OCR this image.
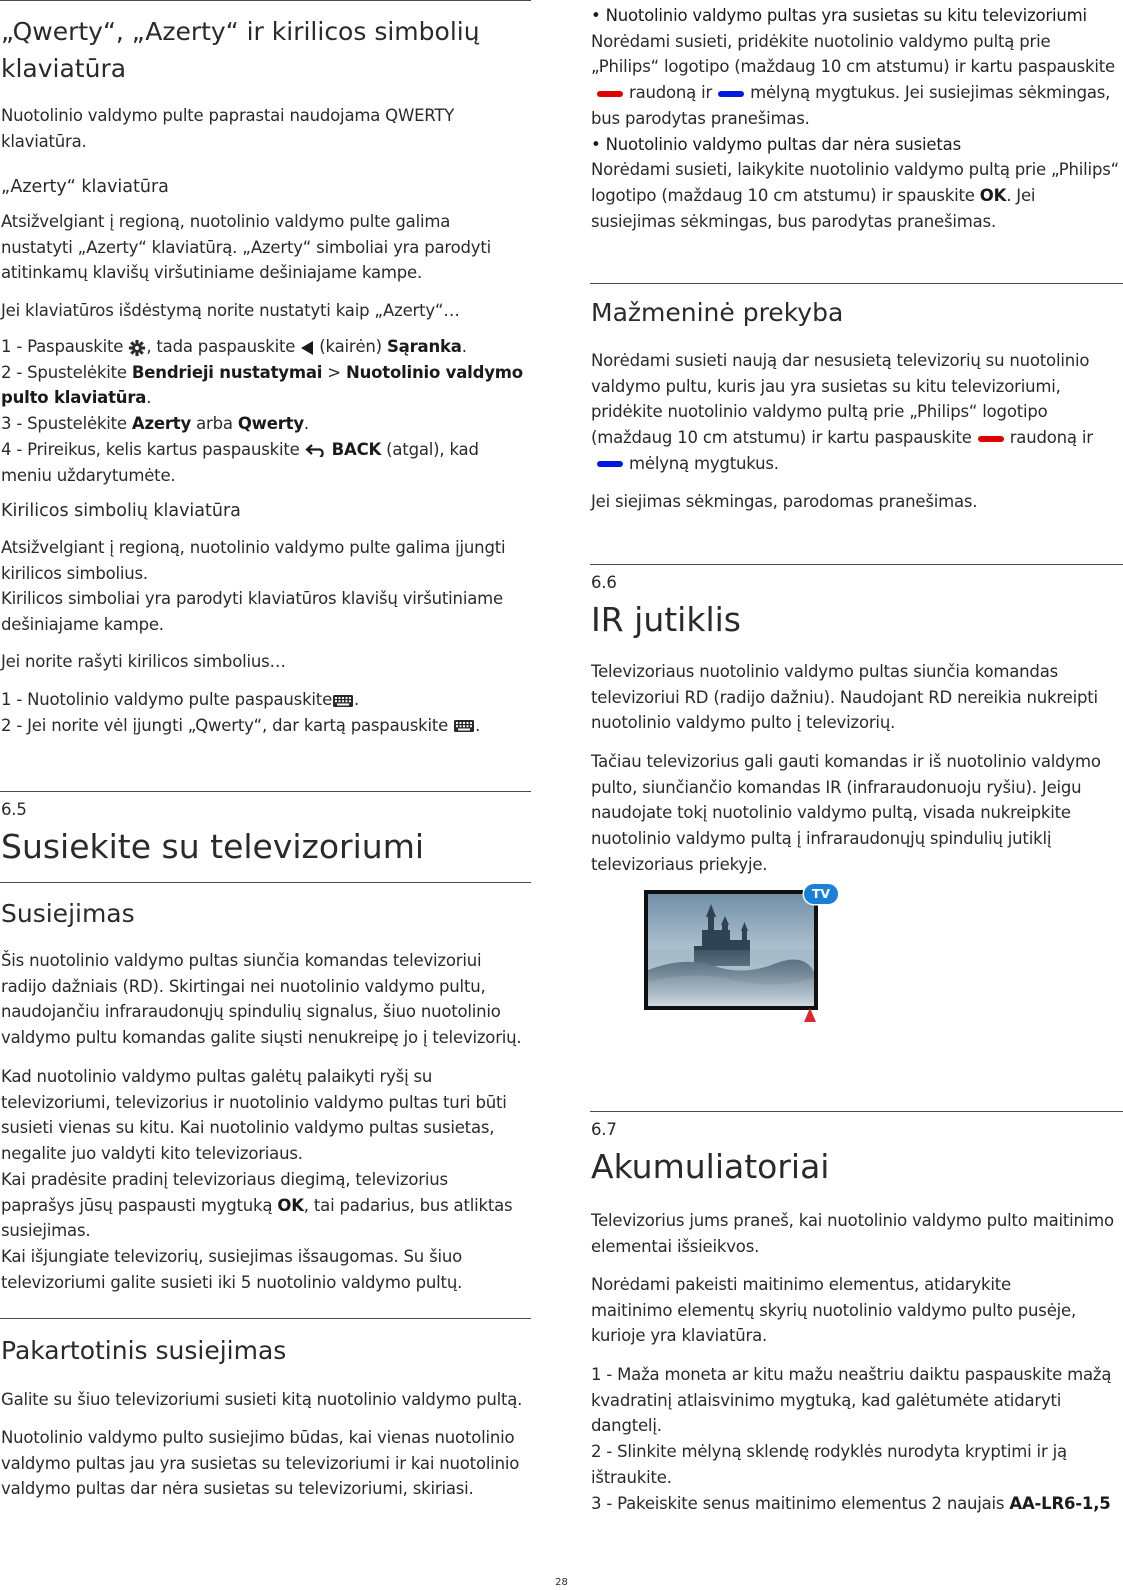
„Qwerty“, „Azerty“ ir kirilicos simbolių klaviatūra

Nuotolinio valdymo pulte paprastai naudojama QWERTY klaviatūra.

„Azerty“ klaviatūra

Atsižvelgiant į regioną, nuotolinio valdymo pulte galima nustatyti „Azerty“ klaviatūrą. „Azerty“ simboliai yra parodyti atitinkamų klavišų viršutiniame dešiniajame kampe.

Jei klaviatūros išdėstymą norite nustatyti kaip „Azerty“…

1 - Paspauskite , tada paspauskite (kairėn) Sąranka.

2 - Spustelėkite Bendrieji nustatymai > Nuotolinio valdymo pulto klaviatūra.

3 - Spustelėkite Azerty arba Qwerty.

4 - Prireikus, kelis kartus paspauskite BACK (atgal), kad meniu uždarytumėte.

Kirilicos simbolių klaviatūra

Atsižvelgiant į regioną, nuotolinio valdymo pulte galima įjungti kirilicos simbolius.

Kirilicos simboliai yra parodyti klaviatūros klavišų viršutiniame dešiniajame kampe.

Jei norite rašyti kirilicos simbolius…

1 - Nuotolinio valdymo pulte paspauskite .

2 - Jei norite vėl įjungti „Qwerty“, dar kartą paspauskite .

6.5

Susiekite su televizoriumi
Susiejimas

Šis nuotolinio valdymo pultas siunčia komandas televizoriui radijo dažniais (RD). Skirtingai nei nuotolinio valdymo pultu, naudojančiu infraraudonųjų spindulių signalus, šiuo nuotolinio valdymo pultu komandas galite siųsti nenukreipę jo į televizorių.

Kad nuotolinio valdymo pultas galėtų palaikyti ryšį su televizoriumi, televizorius ir nuotolinio valdymo pultas turi būti susieti vienas su kitu. Kai nuotolinio valdymo pultas susietas, negalite juo valdyti kito televizoriaus.

Kai pradėsite pradinį televizoriaus diegimą, televizorius paprašys jūsų paspausti mygtuką OK, tai padarius, bus atliktas susiejimas.

Kai išjungiate televizorių, susiejimas išsaugomas. Su šiuo televizoriumi galite susieti iki 5 nuotolinio valdymo pultų.

Pakartotinis susiejimas

Galite su šiuo televizoriumi susieti kitą nuotolinio valdymo pultą.

Nuotolinio valdymo pulto susiejimo būdas, kai vienas nuotolinio valdymo pultas jau yra susietas su televizoriumi ir kai nuotolinio valdymo pultas dar nėra susietas su televizoriumi, skiriasi.

• Nuotolinio valdymo pultas yra susietas su kitu televizoriumi

Norėdami susieti, pridėkite nuotolinio valdymo pultą prie „Philips“ logotipo (maždaug 10 cm atstumu) ir kartu paspauskiteraudoną ir mėlyną mygtukus. Jei susiejimas sėkmingas, bus parodytas pranešimas.

• Nuotolinio valdymo pultas dar nėra susietas

Norėdami susieti, laikykite nuotolinio valdymo pultą prie „Philips“ logotipo (maždaug 10 cm atstumu) ir spauskite OK. Jei susiejimas sėkmingas, bus parodytas pranešimas.

Mažmeninė prekyba

Norėdami susieti naują dar nesusietą televizorių su nuotolinio valdymo pultu, kuris jau yra susietas su kitu televizoriumi, pridėkite nuotolinio valdymo pultą prie „Philips“ logotipo (maždaug 10 cm atstumu) ir kartu paspauskite raudoną irmėlyną mygtukus.

Jei siejimas sėkmingas, parodomas pranešimas.

6.6

IR jutiklis

Televizoriaus nuotolinio valdymo pultas siunčia komandas televizoriui RD (radijo dažniu). Naudojant RD nereikia nukreipti nuotolinio valdymo pulto į televizorių.

Tačiau televizorius gali gauti komandas ir iš nuotolinio valdymo pulto, siunčiančio komandas IR (infraraudonuoju ryšiu). Jeigu naudojate tokį nuotolinio valdymo pultą, visada nukreipkite nuotolinio valdymo pultą į infraraudonųjų spindulių jutiklį televizoriaus priekyje.

TV

6.7

Akumuliatoriai

Televizorius jums praneš, kai nuotolinio valdymo pulto maitinimo elementai išsieikvos.

Norėdami pakeisti maitinimo elementus, atidarykite maitinimo elementų skyrių nuotolinio valdymo pulto pusėje, kurioje yra klaviatūra.

1 - Maža moneta ar kitu mažu neaštriu daiktu paspauskite mažą kvadratinį atlaisvinimo mygtuką, kad galėtumėte atidaryti dangtelį.

2 - Slinkite mėlyną sklendę rodyklės nurodyta kryptimi ir ją ištraukite.

3 - Pakeiskite senus maitinimo elementus 2 naujais AA-LR6-1,5

28
